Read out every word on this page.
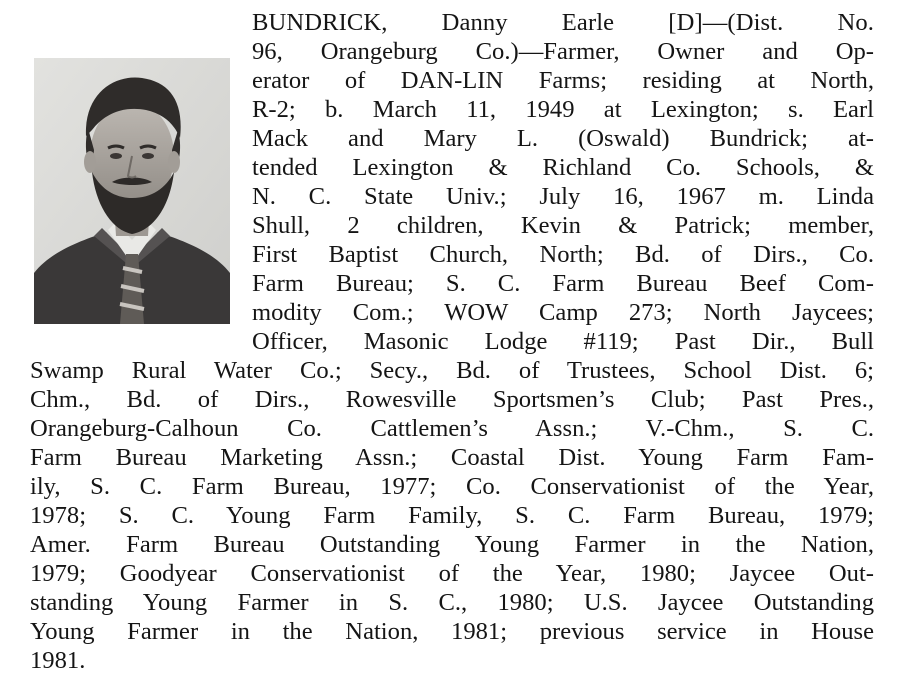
BUNDRICK, Danny Earle [D]—(Dist. No.

96, Orangeburg Co.)—Farmer, Owner and Op-

erator of DAN-LIN Farms; residing at North,

R-2; b. March 11, 1949 at Lexington; s. Earl

Mack and Mary L. (Oswald) Bundrick; at-

tended Lexington & Richland Co. Schools, &

N. C. State Univ.; July 16, 1967 m. Linda

Shull, 2 children, Kevin & Patrick; member,

First Baptist Church, North; Bd. of Dirs., Co.

Farm Bureau; S. C. Farm Bureau Beef Com-

modity Com.; WOW Camp 273; North Jaycees;

Officer, Masonic Lodge #119; Past Dir., Bull

Swamp Rural Water Co.; Secy., Bd. of Trustees, School Dist. 6;

Chm., Bd. of Dirs., Rowesville Sportsmen’s Club; Past Pres.,

Orangeburg-Calhoun Co. Cattlemen’s Assn.; V.-Chm., S. C.

Farm Bureau Marketing Assn.; Coastal Dist. Young Farm Fam-

ily, S. C. Farm Bureau, 1977; Co. Conservationist of the Year,

1978; S. C. Young Farm Family, S. C. Farm Bureau, 1979;

Amer. Farm Bureau Outstanding Young Farmer in the Nation,

1979; Goodyear Conservationist of the Year, 1980; Jaycee Out-

standing Young Farmer in S. C., 1980; U.S. Jaycee Outstanding

Young Farmer in the Nation, 1981; previous service in House

1981.
